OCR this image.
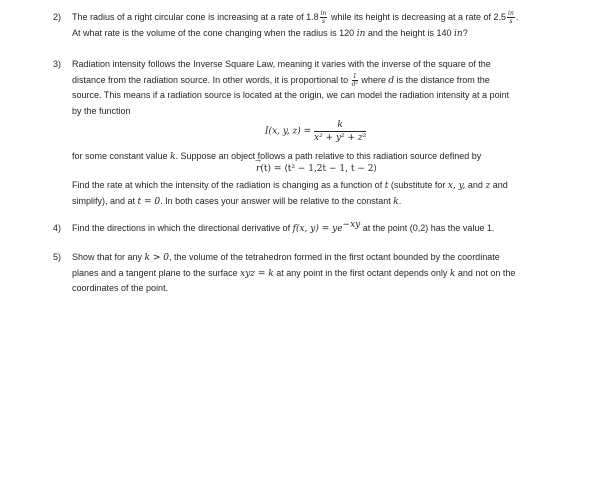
2) The radius of a right circular cone is increasing at a rate of $1.8 \frac{in}{s}$ while its height is decreasing at a rate of $2.5 \frac{in}{s}$ .
At what rate is the volume of the cone changing when the radius is 120 in and the height is 140 in?
3) Radiation intensity follows the Inverse Square Law, meaning it varies with the inverse of the square of the
distance from the radiation source. In other words, it is proportional to $\frac{1}{\text{d²}}$ where d is the distance from the
source. This means if a radiation source is located at the origin, we can model the radiation intensity at a point
by the function
I(x, y, $z) = \frac{k}{\text{x² + y² + z²}}$
for some constant value k. Suppose an object follows a path relative to this radiation source defined by
→ r(t) = ⟨t² − 1,2t − 1, t − 2⟩
Find the rate at which the intensity of the radiation is changing as a function of t (substitute for x, y, and z and
simplify), and at t = 0. In both cases your answer will be relative to the constant k.
4) Find the directions in which the directional derivative of f(x, $y) = ye^{-xy}$ at the point (0,2) has the value 1.
5) Show that for any k > 0, the volume of the tetrahedron formed in the first octant bounded by the coordinate
planes and a tangent plane to the surface xyz = k at any point in the first octant depends only k and not on the
coordinates of the point.
